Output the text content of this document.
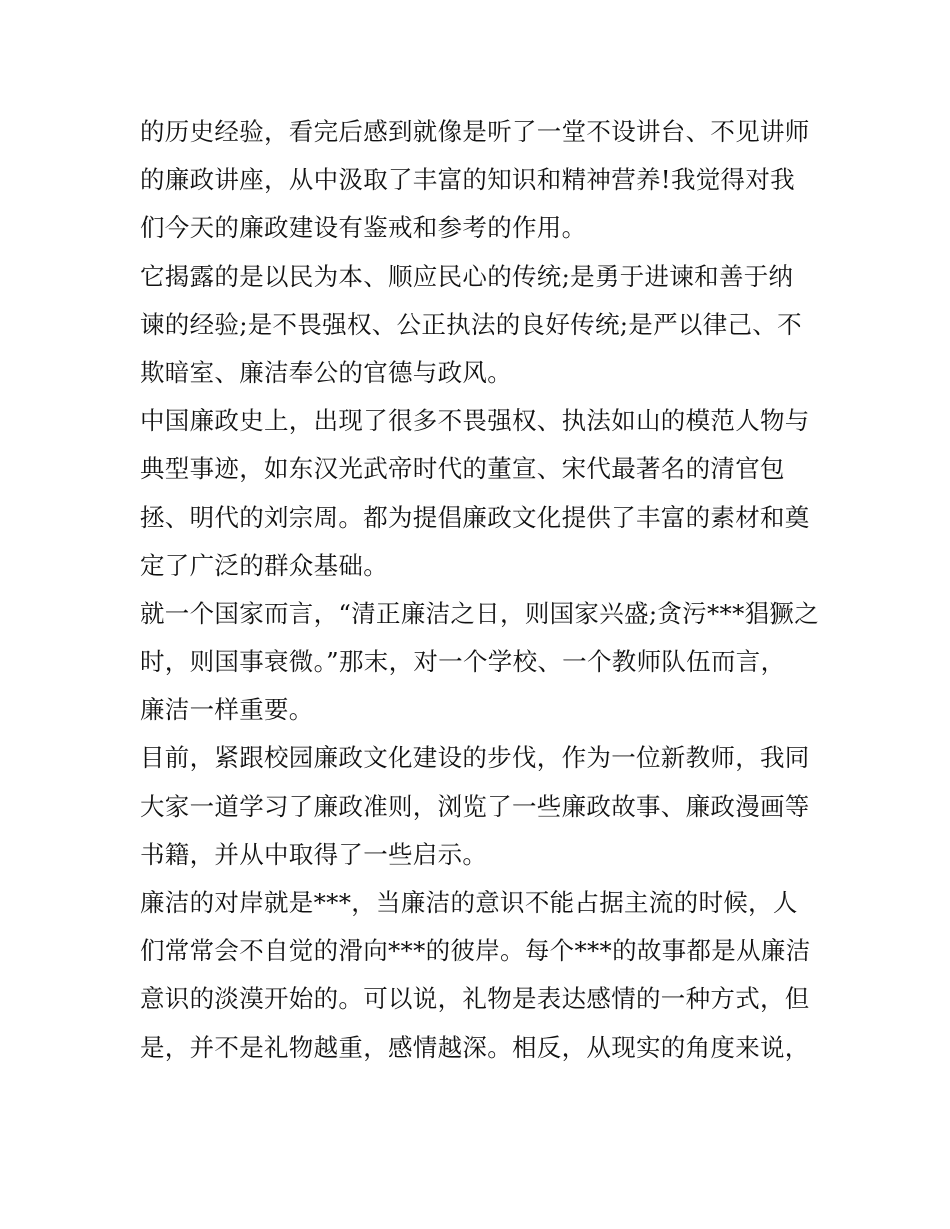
的历史经验，看完后感到就像是听了一堂不设讲台、不见讲师
的廉政讲座，从中汲取了丰富的知识和精神营养!我觉得对我
们今天的廉政建设有鉴戒和参考的作用。
它揭露的是以民为本、顺应民心的传统;是勇于进谏和善于纳
谏的经验;是不畏强权、公正执法的良好传统;是严以律己、不
欺暗室、廉洁奉公的官德与政风。
中国廉政史上，出现了很多不畏强权、执法如山的模范人物与
典型事迹，如东汉光武帝时代的董宣、宋代最著名的清官包
拯、明代的刘宗周。都为提倡廉政文化提供了丰富的素材和奠
定了广泛的群众基础。
就一个国家而言，“清正廉洁之日，则国家兴盛;贪污***猖獗之
时，则国事衰微。”那末，对一个学校、一个教师队伍而言，
廉洁一样重要。
目前，紧跟校园廉政文化建设的步伐，作为一位新教师，我同
大家一道学习了廉政准则，浏览了一些廉政故事、廉政漫画等
书籍，并从中取得了一些启示。
廉洁的对岸就是***，当廉洁的意识不能占据主流的时候，人
们常常会不自觉的滑向***的彼岸。每个***的故事都是从廉洁
意识的淡漠开始的。可以说，礼物是表达感情的一种方式，但
是，并不是礼物越重，感情越深。相反，从现实的角度来说，
